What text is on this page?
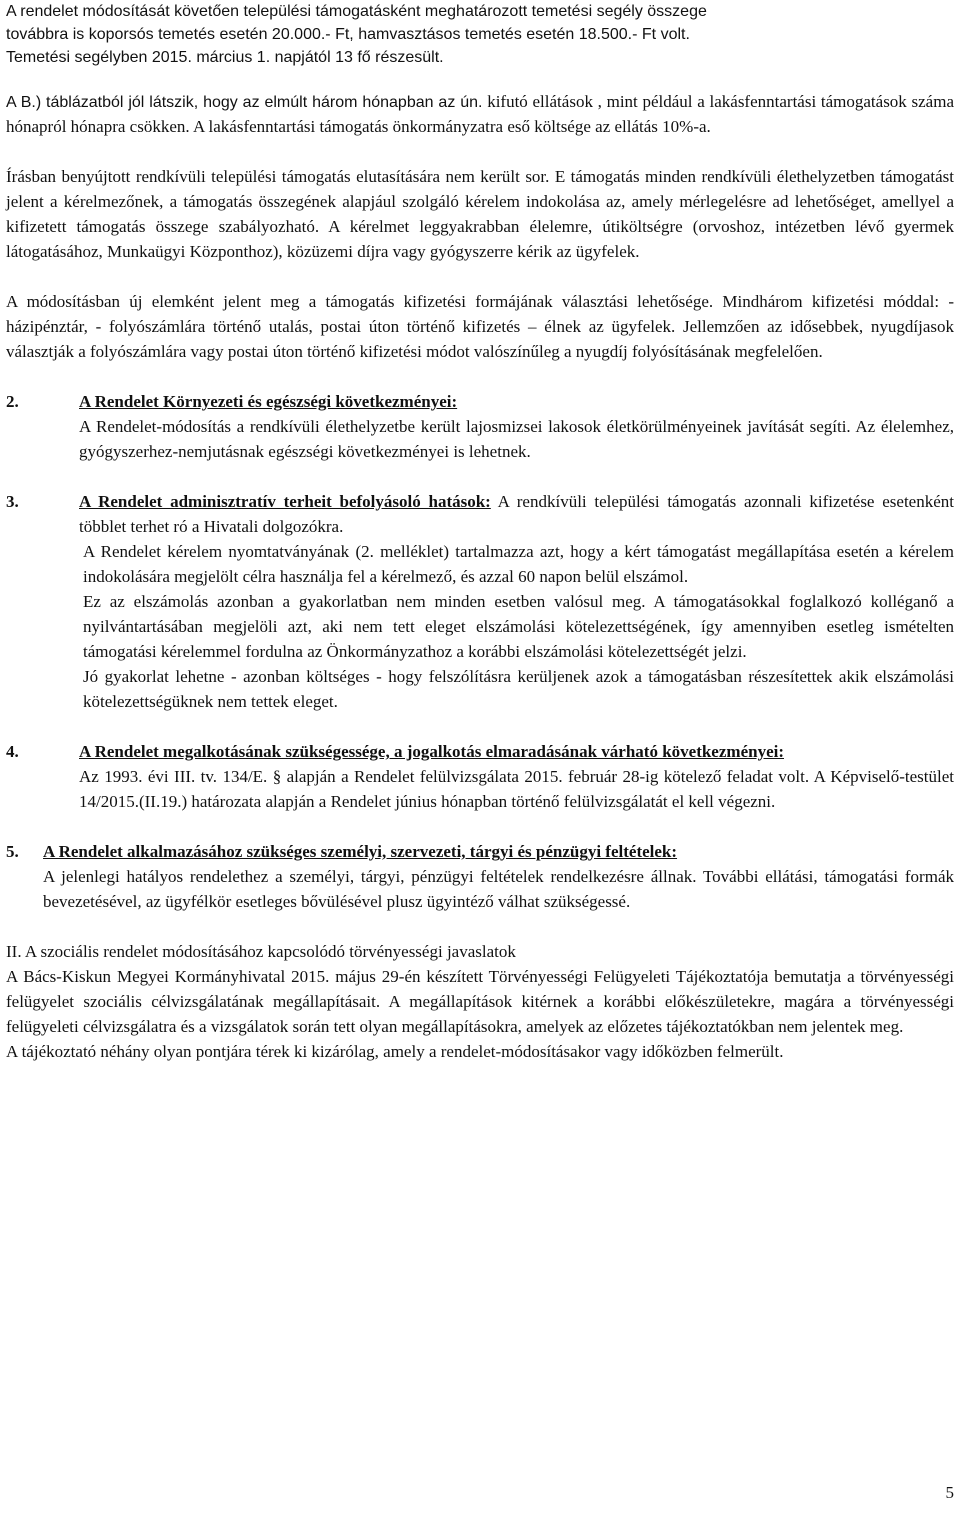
A rendelet módosítását követően települési támogatásként meghatározott temetési segély összege
továbbra is koporsós temetés esetén 20.000.- Ft, hamvasztásos temetés esetén 18.500.- Ft volt.
Temetési segélyben 2015. március 1. napjától 13 fő részesült.

A B.) táblázatból jól látszik, hogy az elmúlt három hónapban az ún. kifutó ellátások , mint például a lakásfenntartási támogatások száma hónapról hónapra csökken. A lakásfenntartási támogatás önkormányzatra eső költsége az ellátás 10%-a.

Írásban benyújtott rendkívüli települési támogatás elutasítására nem került sor. E támogatás minden rendkívüli élethelyzetben támogatást jelent a kérelmezőnek, a támogatás összegének alapjául szolgáló kérelem indokolása az, amely mérlegelésre ad lehetőséget, amellyel a kifizetett támogatás összege szabályozható. A kérelmet leggyakrabban élelemre, útiköltségre (orvoshoz, intézetben lévő gyermek látogatásához, Munkaügyi Központhoz), közüzemi díjra vagy gyógyszerre kérik az ügyfelek.

A módosításban új elemként jelent meg a támogatás kifizetési formájának választási lehetősége. Mindhárom kifizetési móddal: - házipénztár, - folyószámlára történő utalás, postai úton történő kifizetés – élnek az ügyfelek. Jellemzően az idősebbek, nyugdíjasok választják a folyószámlára vagy postai úton történő kifizetési módot valószínűleg a nyugdíj folyósításának megfelelően.

2.	A Rendelet Környezeti és egészségi következményei:

A Rendelet-módosítás a rendkívüli élethelyzetbe került lajosmizsei lakosok életkörülményeinek javítását segíti. Az élelemhez, gyógyszerhez-nemjutásnak egészségi következményei is lehetnek.

3.	A Rendelet adminisztratív terheit befolyásoló hatások: A rendkívüli települési támogatás azonnali kifizetése esetenként többlet terhet ró a Hivatali dolgozókra.

A Rendelet kérelem nyomtatványának (2. melléklet) tartalmazza azt, hogy a kért támogatást megállapítása esetén a kérelem indokolására megjelölt célra használja fel a kérelmező, és azzal 60 napon belül elszámol.

Ez az elszámolás azonban a gyakorlatban nem minden esetben valósul meg. A támogatásokkal foglalkozó kolléganő a nyilvántartásában megjelöli azt, aki nem tett eleget elszámolási kötelezettségének, így amennyiben esetleg ismételten támogatási kérelemmel fordulna az Önkormányzathoz a korábbi elszámolási kötelezettségét jelzi.

Jó gyakorlat lehetne - azonban költséges - hogy felszólításra kerüljenek azok a támogatásban részesítettek akik elszámolási kötelezettségüknek nem tettek eleget.

4.	A Rendelet megalkotásának szükségessége, a jogalkotás elmaradásának várható következményei:

Az 1993. évi III. tv. 134/E. § alapján a Rendelet felülvizsgálata 2015. február 28-ig kötelező feladat volt. A Képviselő-testület 14/2015.(II.19.) határozata alapján a Rendelet június hónapban történő felülvizsgálatát el kell végezni.

5.	A Rendelet alkalmazásához szükséges személyi, szervezeti, tárgyi és pénzügyi feltételek:

A jelenlegi hatályos rendelethez a személyi, tárgyi, pénzügyi feltételek rendelkezésre állnak. További ellátási, támogatási formák bevezetésével, az ügyfélkör esetleges bővülésével plusz ügyintéző válhat szükségessé.

II. A szociális rendelet módosításához kapcsolódó törvényességi javaslatok

A Bács-Kiskun Megyei Kormányhivatal 2015. május 29-én készített Törvényességi Felügyeleti Tájékoztatója bemutatja a törvényességi felügyelet szociális célvizsgálatának megállapításait. A megállapítások kitérnek a korábbi előkészületekre, magára a törvényességi felügyeleti célvizsgálatra és a vizsgálatok során tett olyan megállapításokra, amelyek az előzetes tájékoztatókban nem jelentek meg.

A tájékoztató néhány olyan pontjára térek ki kizárólag, amely a rendelet-módosításakor vagy időközben felmerült.

5
